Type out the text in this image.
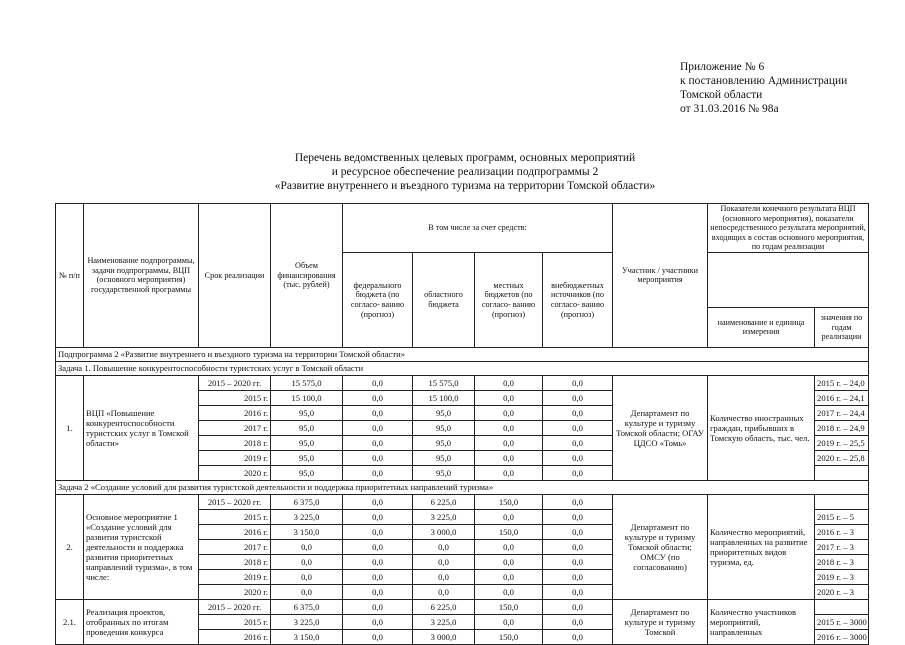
Приложение № 6
к постановлению Администрации
Томской области
от 31.03.2016 № 98а
Перечень ведомственных целевых программ, основных мероприятий
и ресурсное обеспечение реализации подпрограммы 2
«Развитие внутреннего и въездного туризма на территории Томской области»
№ п/п	Наименование подпрограммы, задачи подпрограммы, ВЦП (основного мероприятия) государственной программы	Срок реализации	Объем финансирования (тыс. рублей)	В том числе за счет средств:				Участник / участники мероприятия	Показатели конечного результата ВЦП (основного мероприятия), показатели непосредственного результата мероприятий, входящих в состав основного мероприятия, по годам реализации	
				федерального бюджета (по согласо- ванию (прогноз)	областного бюджета	местных бюджетов (по согласо- ванию (прогноз)	внебюджетных источников (по согласо- ванию (прогноз)			
									наименование и единица измерения	значения по годам реализации
Подпрограмма 2 «Развитие внутреннего и въездного туризма на территории Томской области»										
Задача 1. Повышение конкурентоспособности туристских услуг в Томской области										
1.	ВЦП «Повышение конкурентоспособности туристских услуг в Томской области»	2015 – 2020 гг.	15 575,0	0,0	15 575,0	0,0	0,0	Департамент по культуре и туризму Томской области; ОГАУ ЦДСО «Томь»	Количество иностранных граждан, прибывших в Томскую область, тыс. чел.	2015 г. – 24,0
		2015 г.	15 100,0	0,0	15 100,0	0,0	0,0			2016 г. – 24,1
		2016 г.	95,0	0,0	95,0	0,0	0,0			2017 г. – 24,4
		2017 г.	95,0	0,0	95,0	0,0	0,0			2018 г. – 24,9
		2018 г.	95,0	0,0	95,0	0,0	0,0			2019 г. – 25,5
		2019 г.	95,0	0,0	95,0	0,0	0,0			2020 г. – 25,8
		2020 г.	95,0	0,0	95,0	0,0	0,0			
Задача 2 «Создание условий для развития туристской деятельности и поддержка приоритетных направлений туризма»										
2.	Основное мероприятие 1 «Создание условий для развития туристской деятельности и поддержка развития приоритетных направлений туризма», в том числе:	2015 – 2020 гг.	6 375,0	0,0	6 225,0	150,0	0,0	Департамент по культуре и туризму Томской области; ОМСУ (по согласованию)	Количество мероприятий, направленных на развитие приоритетных видов туризма, ед.	
		2015 г.	3 225,0	0,0	3 225,0	0,0	0,0			2015 г. – 5
		2016 г.	3 150,0	0,0	3 000,0	150,0	0,0			2016 г. – 3
		2017 г.	0,0	0,0	0,0	0,0	0,0			2017 г. – 3
		2018 г.	0,0	0,0	0,0	0,0	0,0			2018 г. – 3
		2019 г.	0,0	0,0	0,0	0,0	0,0			2019 г. – 3
		2020 г.	0,0	0,0	0,0	0,0	0,0			2020 г. – 3
2.1.	Реализация проектов, отобранных по итогам проведения конкурса	2015 – 2020 гг.	6 375,0	0,0	6 225,0	150,0	0,0	Департамент по культуре и туризму Томской	Количество участников мероприятий, направленных	
		2015 г.	3 225,0	0,0	3 225,0	0,0	0,0			2015 г. – 3000
		2016 г.	3 150,0	0,0	3 000,0	150,0	0,0			2016 г. – 3000
